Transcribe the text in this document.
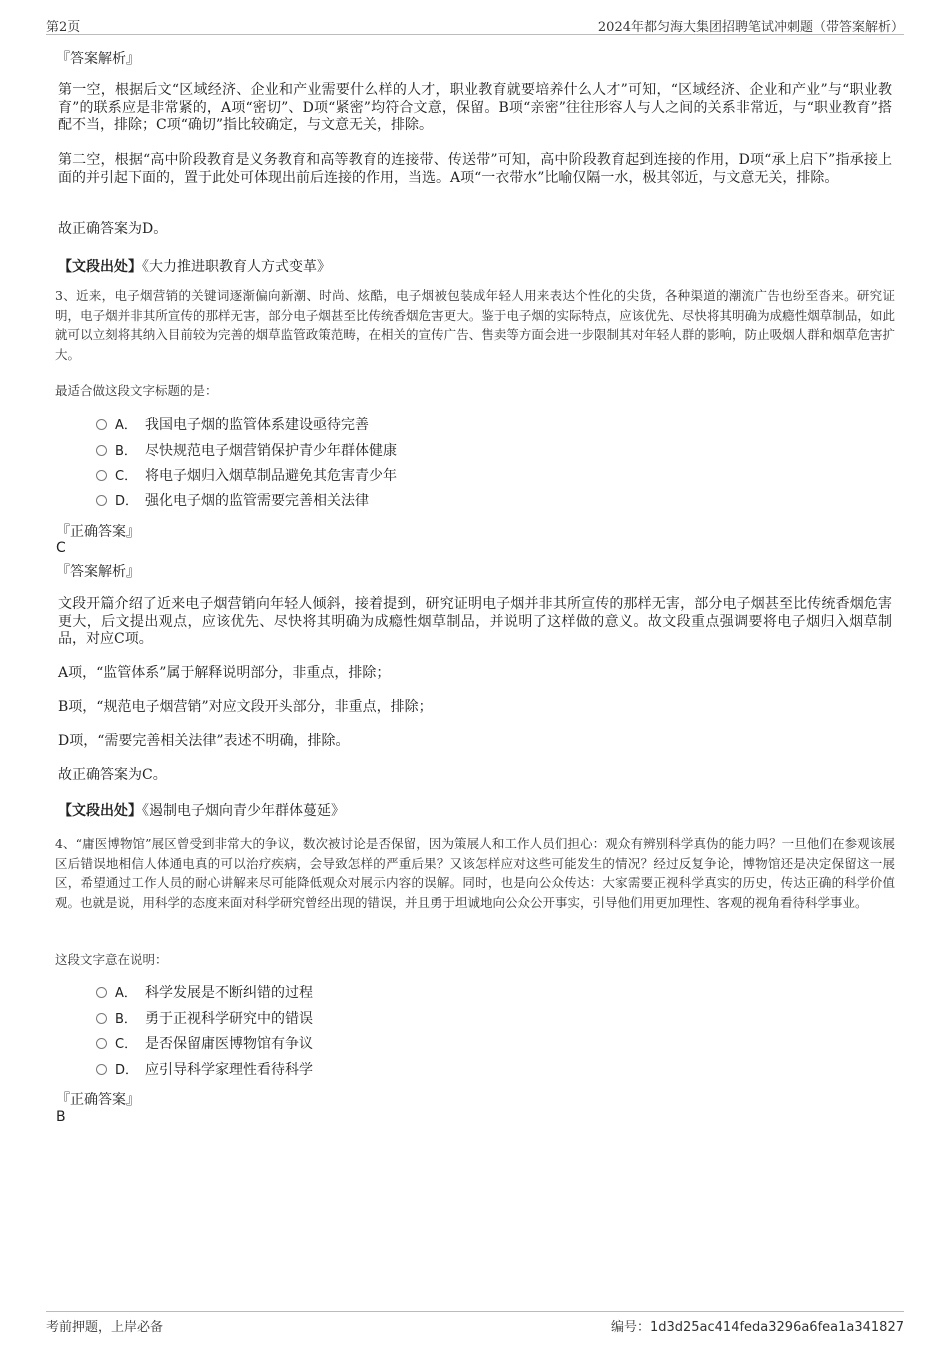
第2页	2024年都匀海大集团招聘笔试冲刺题（带答案解析）
『答案解析』
第一空，根据后文“区域经济、企业和产业需要什么样的人才，职业教育就要培养什么人才”可知，“区域经济、企业和产业”与“职业教育”的联系应是非常紧的，A项“密切”、D项“紧密”均符合文意，保留。B项“亲密”往往形容人与人之间的关系非常近，与“职业教育”搭配不当，排除；C项“确切”指比较确定，与文意无关，排除。
第二空，根据“高中阶段教育是义务教育和高等教育的连接带、传送带”可知，高中阶段教育起到连接的作用，D项“承上启下”指承接上面的并引起下面的，置于此处可体现出前后连接的作用，当选。A项“一衣带水”比喻仅隔一水，极其邻近，与文意无关，排除。
故正确答案为D。
【文段出处】《大力推进职教育人方式变革》
3、近来，电子烟营销的关键词逐渐偏向新潮、时尚、炫酷，电子烟被包装成年轻人用来表达个性化的尖货，各种渠道的潮流广告也纷至沓来。研究证明，电子烟并非其所宣传的那样无害，部分电子烟甚至比传统香烟危害更大。鉴于电子烟的实际特点，应该优先、尽快将其明确为成瘾性烟草制品，如此就可以立刻将其纳入目前较为完善的烟草监管政策范畴，在相关的宣传广告、售卖等方面会进一步限制其对年轻人群的影响，防止吸烟人群和烟草危害扩大。
最适合做这段文字标题的是：
A． 我国电子烟的监管体系建设亟待完善
B． 尽快规范电子烟营销保护青少年群体健康
C． 将电子烟归入烟草制品避免其危害青少年
D． 强化电子烟的监管需要完善相关法律
『正确答案』
C
『答案解析』
文段开篇介绍了近来电子烟营销向年轻人倾斜，接着提到，研究证明电子烟并非其所宣传的那样无害，部分电子烟甚至比传统香烟危害更大，后文提出观点，应该优先、尽快将其明确为成瘾性烟草制品，并说明了这样做的意义。故文段重点强调要将电子烟归入烟草制品，对应C项。
A项，“监管体系”属于解释说明部分，非重点，排除；
B项，“规范电子烟营销”对应文段开头部分，非重点，排除；
D项，“需要完善相关法律”表述不明确，排除。
故正确答案为C。
【文段出处】《遏制电子烟向青少年群体蔓延》
4、“庸医博物馆”展区曾受到非常大的争议，数次被讨论是否保留，因为策展人和工作人员们担心：观众有辨别科学真伪的能力吗？一旦他们在参观该展区后错误地相信人体通电真的可以治疗疾病，会导致怎样的严重后果？又该怎样应对这些可能发生的情况？经过反复争论，博物馆还是决定保留这一展区，希望通过工作人员的耐心讲解来尽可能降低观众对展示内容的误解。同时，也是向公众传达：大家需要正视科学真实的历史，传达正确的科学价值观。也就是说，用科学的态度来面对科学研究曾经出现的错误，并且勇于坦诚地向公众公开事实，引导他们用更加理性、客观的视角看待科学事业。
这段文字意在说明：
A． 科学发展是不断纠错的过程
B． 勇于正视科学研究中的错误
C． 是否保留庸医博物馆有争议
D． 应引导科学家理性看待科学
『正确答案』
B
考前押题，上岸必备	编号：1d3d25ac414feda3296a6fea1a341827
